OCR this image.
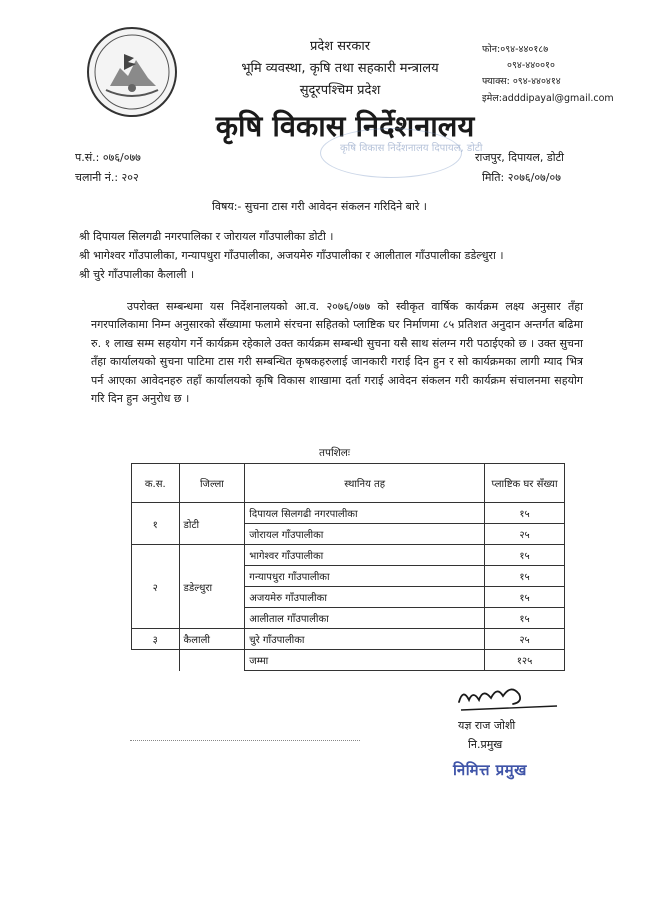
प्रदेश सरकार
भूमि व्यवस्था, कृषि तथा सहकारी मन्त्रालय
सुदूरपश्चिम प्रदेश
कृषि विकास निर्देशनालय
फोन:०९४-४४०१८७
०९४-४४००१०
फ्याक्स: ०९४-४४०४१४
इमेल:adddipayal@gmail.com
कृषि विकास निर्देशनालय दिपायल, डोटी
प.सं.: ०७६/०७७
चलानी नं.: २०२
राजपुर, दिपायल, डोटी
मिति: २०७६/०७/०७
विषय:- सुचना टास गरी आवेदन संकलन गरिदिने बारे ।
श्री दिपायल सिलगढी नगरपालिका र जोरायल गाँउपालीका डोटी ।
श्री भागेश्वर गाँउपालीका, गन्यापधुरा गाँउपालीका, अजयमेरु गाँउपालीका र आलीताल गाँउपालीका डडेल्धुरा ।
श्री चुरे गाँउपालीका कैलाली ।

उपरोक्त सम्बन्धमा यस निर्देशनालयको आ.व. २०७६/०७७ को स्वीकृत वार्षिक कार्यक्रम लक्ष्य अनुसार तँहा नगरपालिकामा निम्न अनुसारको सँख्यामा फलामे संरचना सहितको प्लाष्टिक घर निर्माणमा ८५ प्रतिशत अनुदान अन्तर्गत बढिमा रु. १ लाख सम्म सहयोग गर्ने कार्यक्रम रहेकाले उक्त कार्यक्रम सम्बन्धी सुचना यसै साथ संलग्न गरी पठाईएको छ । उक्त सुचना तँहा कार्यालयको सुचना पाटिमा टास गरी सम्बन्धित कृषकहरुलाई जानकारी गराई दिन हुन र सो कार्यक्रमका लागी म्याद भित्र पर्न आएका आवेदनहरु तहाँ कार्यालयको कृषि विकास शाखामा दर्ता गराई आवेदन संकलन गरी कार्यक्रम संचालनमा सहयोग गरि दिन हुन अनुरोध छ ।

तपशिलः
क.स.	जिल्ला	स्थानिय तह	प्लाष्टिक घर सँख्या
१	डोटी	दिपायल सिलगढी नगरपालीका	१५
		जोरायल गाँउपालीका	२५
२	डडेल्धुरा	भागेश्वर गाँउपालीका	१५
		गन्यापधुरा गाँउपालीका	१५
		अजयमेरु गाँउपालीका	१५
		आलीताल गाँउपालीका	१५
३	कैलाली	चुरे गाँउपालीका	२५
		जम्मा	१२५
यज्ञ राज जोशी
नि.प्रमुख
निमित्त प्रमुख
